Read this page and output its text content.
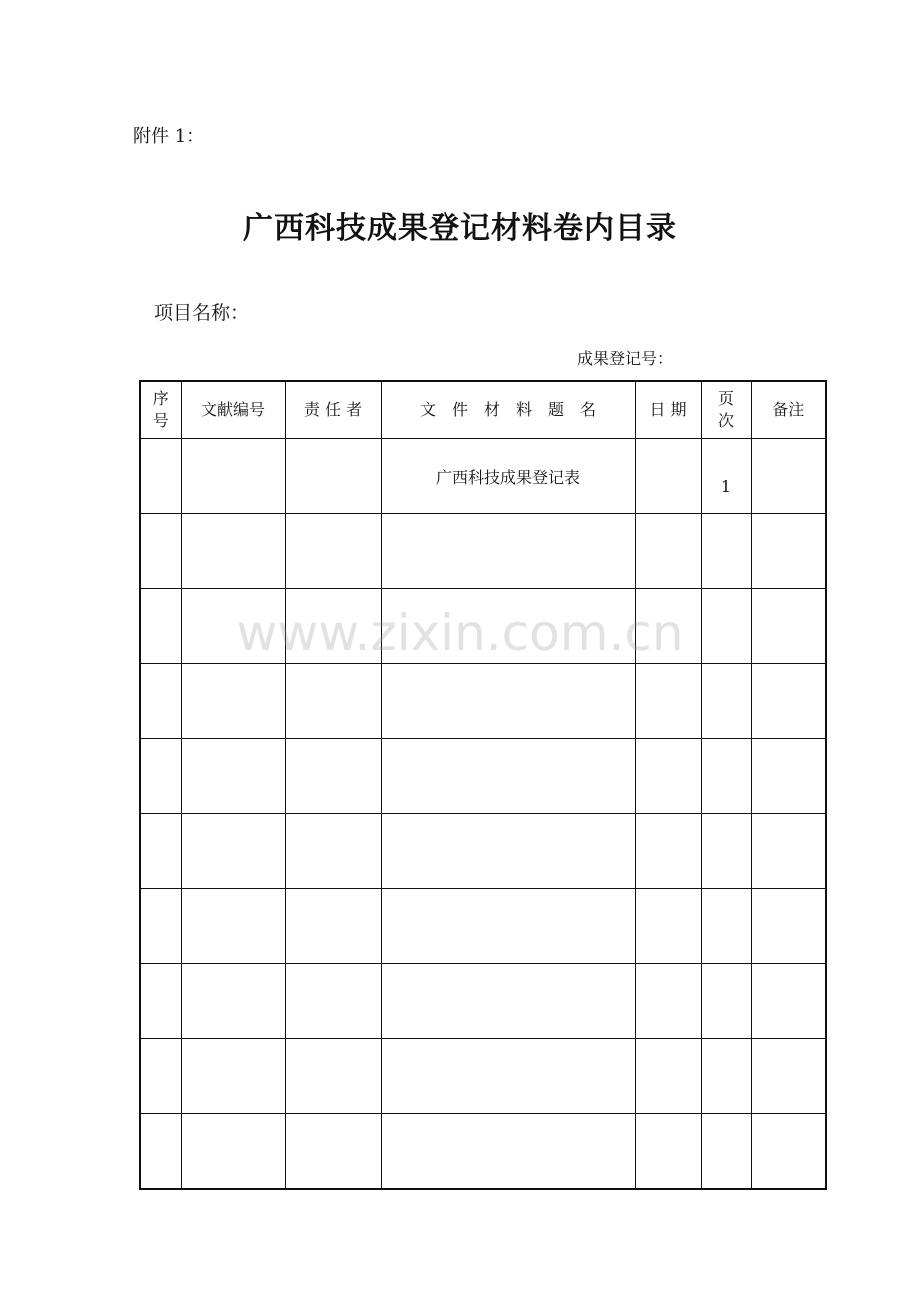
附件 1：
广西科技成果登记材料卷内目录
项目名称：
成果登记号：
序号	文献编号	责 任 者	文　件　材　料　题　名	日 期	页次	备注
			广西科技成果登记表		1	

www.zixin.com.cn
